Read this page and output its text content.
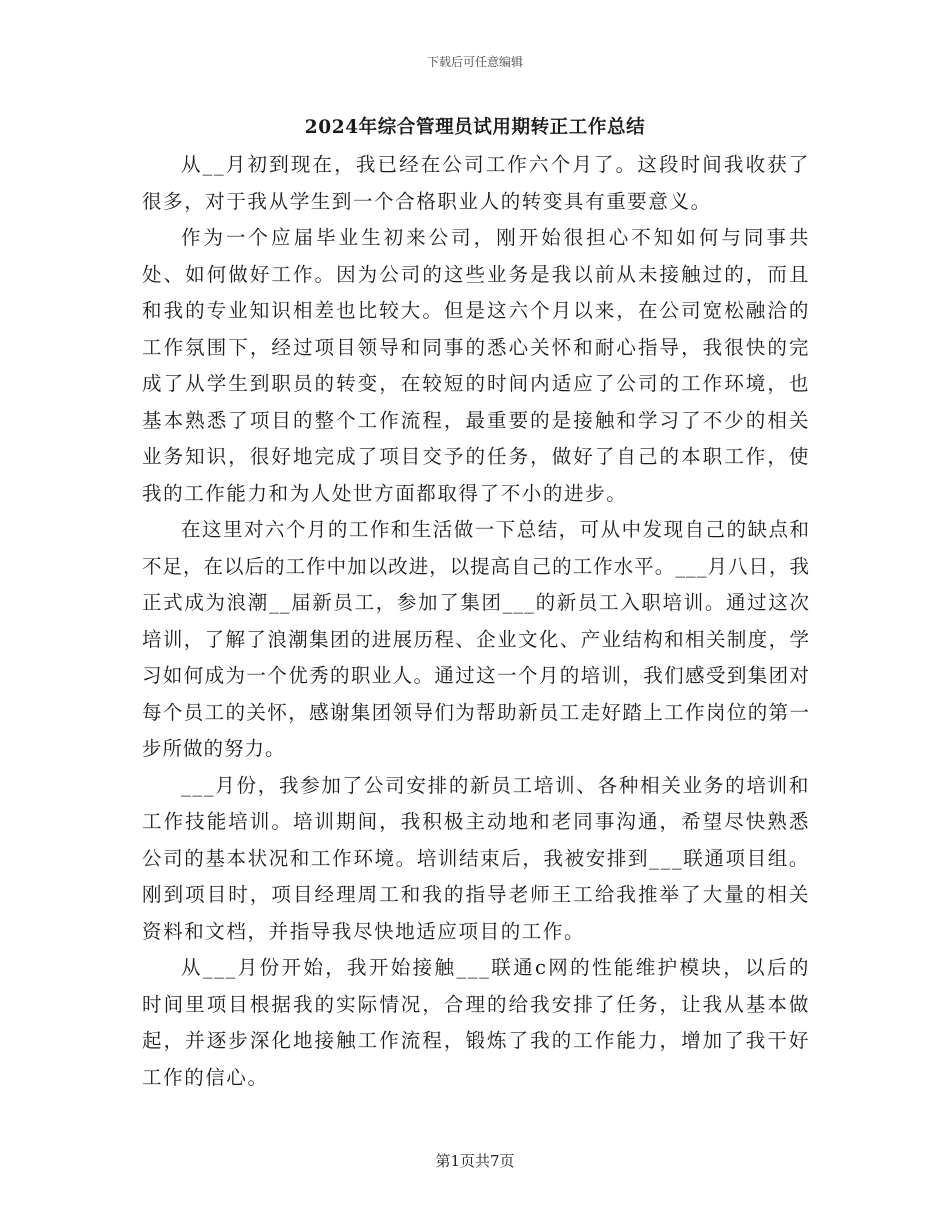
下载后可任意编辑
2024年综合管理员试用期转正工作总结

从__月初到现在，我已经在公司工作六个月了。这段时间我收获了很多，对于我从学生到一个合格职业人的转变具有重要意义。

作为一个应届毕业生初来公司，刚开始很担心不知如何与同事共处、如何做好工作。因为公司的这些业务是我以前从未接触过的，而且和我的专业知识相差也比较大。但是这六个月以来，在公司宽松融洽的工作氛围下，经过项目领导和同事的悉心关怀和耐心指导，我很快的完成了从学生到职员的转变，在较短的时间内适应了公司的工作环境，也基本熟悉了项目的整个工作流程，最重要的是接触和学习了不少的相关业务知识，很好地完成了项目交予的任务，做好了自己的本职工作，使我的工作能力和为人处世方面都取得了不小的进步。

在这里对六个月的工作和生活做一下总结，可从中发现自己的缺点和不足，在以后的工作中加以改进，以提高自己的工作水平。___月八日，我正式成为浪潮__届新员工，参加了集团___的新员工入职培训。通过这次培训，了解了浪潮集团的进展历程、企业文化、产业结构和相关制度，学习如何成为一个优秀的职业人。通过这一个月的培训，我们感受到集团对每个员工的关怀，感谢集团领导们为帮助新员工走好踏上工作岗位的第一步所做的努力。

___月份，我参加了公司安排的新员工培训、各种相关业务的培训和工作技能培训。培训期间，我积极主动地和老同事沟通，希望尽快熟悉公司的基本状况和工作环境。培训结束后，我被安排到___联通项目组。刚到项目时，项目经理周工和我的指导老师王工给我推举了大量的相关资料和文档，并指导我尽快地适应项目的工作。

从___月份开始，我开始接触___联通c网的性能维护模块，以后的时间里项目根据我的实际情况，合理的给我安排了任务，让我从基本做起，并逐步深化地接触工作流程，锻炼了我的工作能力，增加了我干好工作的信心。

第1页共7页
